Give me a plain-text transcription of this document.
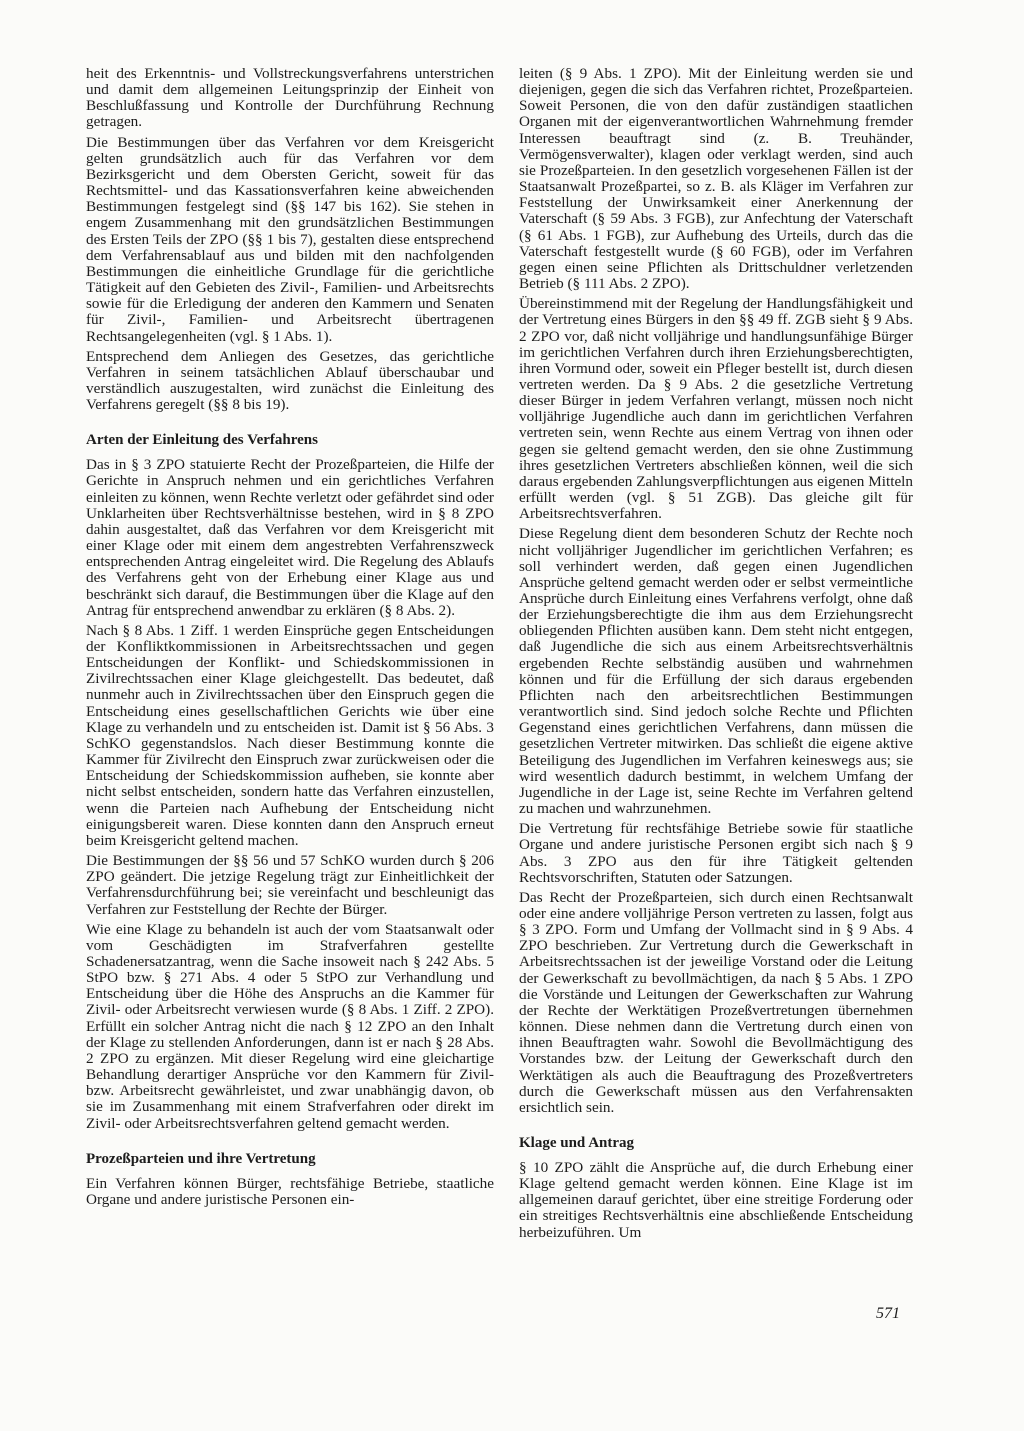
heit des Erkenntnis- und Vollstreckungsverfahrens unterstrichen und damit dem allgemeinen Leitungsprinzip der Einheit von Beschlußfassung und Kontrolle der Durchführung Rechnung getragen.

Die Bestimmungen über das Verfahren vor dem Kreisgericht gelten grundsätzlich auch für das Verfahren vor dem Bezirksgericht und dem Obersten Gericht, soweit für das Rechtsmittel- und das Kassationsverfahren keine abweichenden Bestimmungen festgelegt sind (§§ 147 bis 162). Sie stehen in engem Zusammenhang mit den grundsätzlichen Bestimmungen des Ersten Teils der ZPO (§§ 1 bis 7), gestalten diese entsprechend dem Verfahrensablauf aus und bilden mit den nachfolgenden Bestimmungen die einheitliche Grundlage für die gerichtliche Tätigkeit auf den Gebieten des Zivil-, Familien- und Arbeitsrechts sowie für die Erledigung der anderen den Kammern und Senaten für Zivil-, Familien- und Arbeitsrecht übertragenen Rechtsangelegenheiten (vgl. § 1 Abs. 1).

Entsprechend dem Anliegen des Gesetzes, das gerichtliche Verfahren in seinem tatsächlichen Ablauf überschaubar und verständlich auszugestalten, wird zunächst die Einleitung des Verfahrens geregelt (§§ 8 bis 19).

Arten der Einleitung des Verfahrens

Das in § 3 ZPO statuierte Recht der Prozeßparteien, die Hilfe der Gerichte in Anspruch nehmen und ein gerichtliches Verfahren einleiten zu können, wenn Rechte verletzt oder gefährdet sind oder Unklarheiten über Rechtsverhältnisse bestehen, wird in § 8 ZPO dahin ausgestaltet, daß das Verfahren vor dem Kreisgericht mit einer Klage oder mit einem dem angestrebten Verfahrenszweck entsprechenden Antrag eingeleitet wird. Die Regelung des Ablaufs des Verfahrens geht von der Erhebung einer Klage aus und beschränkt sich darauf, die Bestimmungen über die Klage auf den Antrag für entsprechend anwendbar zu erklären (§ 8 Abs. 2).

Nach § 8 Abs. 1 Ziff. 1 werden Einsprüche gegen Entscheidungen der Konfliktkommissionen in Arbeitsrechtssachen und gegen Entscheidungen der Konflikt- und Schiedskommissionen in Zivilrechtssachen einer Klage gleichgestellt. Das bedeutet, daß nunmehr auch in Zivilrechtssachen über den Einspruch gegen die Entscheidung eines gesellschaftlichen Gerichts wie über eine Klage zu verhandeln und zu entscheiden ist. Damit ist § 56 Abs. 3 SchKO gegenstandslos. Nach dieser Bestimmung konnte die Kammer für Zivilrecht den Einspruch zwar zurückweisen oder die Entscheidung der Schiedskommission aufheben, sie konnte aber nicht selbst entscheiden, sondern hatte das Verfahren einzustellen, wenn die Parteien nach Aufhebung der Entscheidung nicht einigungsbereit waren. Diese konnten dann den Anspruch erneut beim Kreisgericht geltend machen.

Die Bestimmungen der §§ 56 und 57 SchKO wurden durch § 206 ZPO geändert. Die jetzige Regelung trägt zur Einheitlichkeit der Verfahrensdurchführung bei; sie vereinfacht und beschleunigt das Verfahren zur Feststellung der Rechte der Bürger.

Wie eine Klage zu behandeln ist auch der vom Staatsanwalt oder vom Geschädigten im Strafverfahren gestellte Schadenersatzantrag, wenn die Sache insoweit nach § 242 Abs. 5 StPO bzw. § 271 Abs. 4 oder 5 StPO zur Verhandlung und Entscheidung über die Höhe des Anspruchs an die Kammer für Zivil- oder Arbeitsrecht verwiesen wurde (§ 8 Abs. 1 Ziff. 2 ZPO). Erfüllt ein solcher Antrag nicht die nach § 12 ZPO an den Inhalt der Klage zu stellenden Anforderungen, dann ist er nach § 28 Abs. 2 ZPO zu ergänzen. Mit dieser Regelung wird eine gleichartige Behandlung derartiger Ansprüche vor den Kammern für Zivil- bzw. Arbeitsrecht gewährleistet, und zwar unabhängig davon, ob sie im Zusammenhang mit einem Strafverfahren oder direkt im Zivil- oder Arbeitsrechtsverfahren geltend gemacht werden.

Prozeßparteien und ihre Vertretung

Ein Verfahren können Bürger, rechtsfähige Betriebe, staatliche Organe und andere juristische Personen ein-

leiten (§ 9 Abs. 1 ZPO). Mit der Einleitung werden sie und diejenigen, gegen die sich das Verfahren richtet, Prozeßparteien. Soweit Personen, die von den dafür zuständigen staatlichen Organen mit der eigenverantwortlichen Wahrnehmung fremder Interessen beauftragt sind (z. B. Treuhänder, Vermögensverwalter), klagen oder verklagt werden, sind auch sie Prozeßparteien. In den gesetzlich vorgesehenen Fällen ist der Staatsanwalt Prozeßpartei, so z. B. als Kläger im Verfahren zur Feststellung der Unwirksamkeit einer Anerkennung der Vaterschaft (§ 59 Abs. 3 FGB), zur Anfechtung der Vaterschaft (§ 61 Abs. 1 FGB), zur Aufhebung des Urteils, durch das die Vaterschaft festgestellt wurde (§ 60 FGB), oder im Verfahren gegen einen seine Pflichten als Drittschuldner verletzenden Betrieb (§ 111 Abs. 2 ZPO).

Übereinstimmend mit der Regelung der Handlungsfähigkeit und der Vertretung eines Bürgers in den §§ 49 ff. ZGB sieht § 9 Abs. 2 ZPO vor, daß nicht volljährige und handlungsunfähige Bürger im gerichtlichen Verfahren durch ihren Erziehungsberechtigten, ihren Vormund oder, soweit ein Pfleger bestellt ist, durch diesen vertreten werden. Da § 9 Abs. 2 die gesetzliche Vertretung dieser Bürger in jedem Verfahren verlangt, müssen noch nicht volljährige Jugendliche auch dann im gerichtlichen Verfahren vertreten sein, wenn Rechte aus einem Vertrag von ihnen oder gegen sie geltend gemacht werden, den sie ohne Zustimmung ihres gesetzlichen Vertreters abschließen können, weil die sich daraus ergebenden Zahlungsverpflichtungen aus eigenen Mitteln erfüllt werden (vgl. § 51 ZGB). Das gleiche gilt für Arbeitsrechtsverfahren.

Diese Regelung dient dem besonderen Schutz der Rechte noch nicht volljähriger Jugendlicher im gerichtlichen Verfahren; es soll verhindert werden, daß gegen einen Jugendlichen Ansprüche geltend gemacht werden oder er selbst vermeintliche Ansprüche durch Einleitung eines Verfahrens verfolgt, ohne daß der Erziehungsberechtigte die ihm aus dem Erziehungsrecht obliegenden Pflichten ausüben kann. Dem steht nicht entgegen, daß Jugendliche die sich aus einem Arbeitsrechtsverhältnis ergebenden Rechte selbständig ausüben und wahrnehmen können und für die Erfüllung der sich daraus ergebenden Pflichten nach den arbeitsrechtlichen Bestimmungen verantwortlich sind. Sind jedoch solche Rechte und Pflichten Gegenstand eines gerichtlichen Verfahrens, dann müssen die gesetzlichen Vertreter mitwirken. Das schließt die eigene aktive Beteiligung des Jugendlichen im Verfahren keineswegs aus; sie wird wesentlich dadurch bestimmt, in welchem Umfang der Jugendliche in der Lage ist, seine Rechte im Verfahren geltend zu machen und wahrzunehmen.

Die Vertretung für rechtsfähige Betriebe sowie für staatliche Organe und andere juristische Personen ergibt sich nach § 9 Abs. 3 ZPO aus den für ihre Tätigkeit geltenden Rechtsvorschriften, Statuten oder Satzungen.

Das Recht der Prozeßparteien, sich durch einen Rechtsanwalt oder eine andere volljährige Person vertreten zu lassen, folgt aus § 3 ZPO. Form und Umfang der Vollmacht sind in § 9 Abs. 4 ZPO beschrieben. Zur Vertretung durch die Gewerkschaft in Arbeitsrechtssachen ist der jeweilige Vorstand oder die Leitung der Gewerkschaft zu bevollmächtigen, da nach § 5 Abs. 1 ZPO die Vorstände und Leitungen der Gewerkschaften zur Wahrung der Rechte der Werktätigen Prozeßvertretungen übernehmen können. Diese nehmen dann die Vertretung durch einen von ihnen Beauftragten wahr. Sowohl die Bevollmächtigung des Vorstandes bzw. der Leitung der Gewerkschaft durch den Werktätigen als auch die Beauftragung des Prozeßvertreters durch die Gewerkschaft müssen aus den Verfahrensakten ersichtlich sein.

Klage und Antrag

§ 10 ZPO zählt die Ansprüche auf, die durch Erhebung einer Klage geltend gemacht werden können. Eine Klage ist im allgemeinen darauf gerichtet, über eine streitige Forderung oder ein streitiges Rechtsverhältnis eine abschließende Entscheidung herbeizuführen. Um

571
